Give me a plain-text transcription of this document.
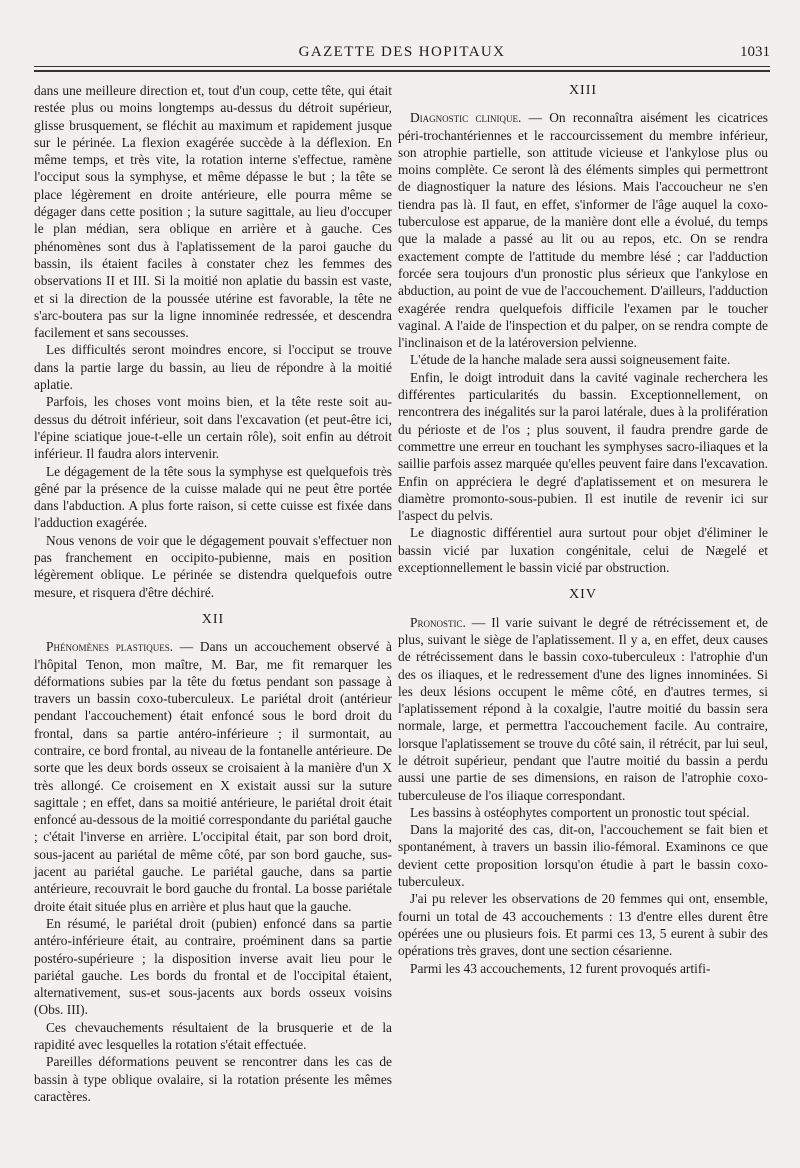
GAZETTE DES HOPITAUX	1031

dans une meilleure direction et, tout d'un coup, cette tête, qui était restée plus ou moins longtemps au-dessus du détroit supérieur, glisse brusquement, se fléchit au maximum et rapidement jusque sur le périnée. La flexion exagérée succède à la déflexion. En même temps, et très vite, la rotation interne s'effectue, ramène l'occiput sous la symphyse, et même dépasse le but ; la tête se place légèrement en droite antérieure, elle pourra même se dégager dans cette position ; la suture sagittale, au lieu d'occuper le plan médian, sera oblique en arrière et à gauche. Ces phénomènes sont dus à l'aplatissement de la paroi gauche du bassin, ils étaient faciles à constater chez les femmes des observations II et III. Si la moitié non aplatie du bassin est vaste, et si la direction de la poussée utérine est favorable, la tête ne s'arc-boutera pas sur la ligne innominée redressée, et descendra facilement et sans secousses.

Les difficultés seront moindres encore, si l'occiput se trouve dans la partie large du bassin, au lieu de répondre à la moitié aplatie.

Parfois, les choses vont moins bien, et la tête reste soit au-dessus du détroit inférieur, soit dans l'excavation (et peut-être ici, l'épine sciatique joue-t-elle un certain rôle), soit enfin au détroit inférieur. Il faudra alors intervenir.

Le dégagement de la tête sous la symphyse est quelquefois très gêné par la présence de la cuisse malade qui ne peut être portée dans l'abduction. A plus forte raison, si cette cuisse est fixée dans l'adduction exagérée.

Nous venons de voir que le dégagement pouvait s'effectuer non pas franchement en occipito-pubienne, mais en position légèrement oblique. Le périnée se distendra quelquefois outre mesure, et risquera d'être déchiré.

XII

Phénomènes plastiques. — Dans un accouchement observé à l'hôpital Tenon, mon maître, M. Bar, me fit remarquer les déformations subies par la tête du fœtus pendant son passage à travers un bassin coxo-tuberculeux. Le pariétal droit (antérieur pendant l'accouchement) était enfoncé sous le bord droit du frontal, dans sa partie antéro-inférieure ; il surmontait, au contraire, ce bord frontal, au niveau de la fontanelle antérieure. De sorte que les deux bords osseux se croisaient à la manière d'un X très allongé. Ce croisement en X existait aussi sur la suture sagittale ; en effet, dans sa moitié antérieure, le pariétal droit était enfoncé au-dessous de la moitié correspondante du pariétal gauche ; c'était l'inverse en arrière. L'occipital était, par son bord droit, sous-jacent au pariétal de même côté, par son bord gauche, sus-jacent au pariétal gauche. Le pariétal gauche, dans sa partie antérieure, recouvrait le bord gauche du frontal. La bosse pariétale droite était située plus en arrière et plus haut que la gauche.

En résumé, le pariétal droit (pubien) enfoncé dans sa partie antéro-inférieure était, au contraire, proéminent dans sa partie postéro-supérieure ; la disposition inverse avait lieu pour le pariétal gauche. Les bords du frontal et de l'occipital étaient, alternativement, sus-et sous-jacents aux bords osseux voisins (Obs. III).

Ces chevauchements résultaient de la brusquerie et de la rapidité avec lesquelles la rotation s'était effectuée.

Pareilles déformations peuvent se rencontrer dans les cas de bassin à type oblique ovalaire, si la rotation présente les mêmes caractères.

XIII

Diagnostic clinique. — On reconnaîtra aisément les cicatrices péri-trochantériennes et le raccourcissement du membre inférieur, son atrophie partielle, son attitude vicieuse et l'ankylose plus ou moins complète. Ce seront là des éléments simples qui permettront de diagnostiquer la nature des lésions. Mais l'accoucheur ne s'en tiendra pas là. Il faut, en effet, s'informer de l'âge auquel la coxo-tuberculose est apparue, de la manière dont elle a évolué, du temps que la malade a passé au lit ou au repos, etc. On se rendra exactement compte de l'attitude du membre lésé ; car l'adduction forcée sera toujours d'un pronostic plus sérieux que l'ankylose en abduction, au point de vue de l'accouchement. D'ailleurs, l'adduction exagérée rendra quelquefois difficile l'examen par le toucher vaginal. A l'aide de l'inspection et du palper, on se rendra compte de l'inclinaison et de la latéroversion pelvienne.

L'étude de la hanche malade sera aussi soigneusement faite.

Enfin, le doigt introduit dans la cavité vaginale recherchera les différentes particularités du bassin. Exceptionnellement, on rencontrera des inégalités sur la paroi latérale, dues à la prolifération du périoste et de l'os ; plus souvent, il faudra prendre garde de commettre une erreur en touchant les symphyses sacro-iliaques et la saillie parfois assez marquée qu'elles peuvent faire dans l'excavation. Enfin on appréciera le degré d'aplatissement et on mesurera le diamètre promonto-sous-pubien. Il est inutile de revenir ici sur l'aspect du pelvis.

Le diagnostic différentiel aura surtout pour objet d'éliminer le bassin vicié par luxation congénitale, celui de Nægelé et exceptionnellement le bassin vicié par obstruction.

XIV

Pronostic. — Il varie suivant le degré de rétrécissement et, de plus, suivant le siège de l'aplatissement. Il y a, en effet, deux causes de rétrécissement dans le bassin coxo-tuberculeux : l'atrophie d'un des os iliaques, et le redressement d'une des lignes innominées. Si les deux lésions occupent le même côté, en d'autres termes, si l'aplatissement répond à la coxalgie, l'autre moitié du bassin sera normale, large, et permettra l'accouchement facile. Au contraire, lorsque l'aplatissement se trouve du côté sain, il rétrécit, par lui seul, le détroit supérieur, pendant que l'autre moitié du bassin a perdu aussi une partie de ses dimensions, en raison de l'atrophie coxo-tuberculeuse de l'os iliaque correspondant.

Les bassins à ostéophytes comportent un pronostic tout spécial.

Dans la majorité des cas, dit-on, l'accouchement se fait bien et spontanément, à travers un bassin ilio-fémoral. Examinons ce que devient cette proposition lorsqu'on étudie à part le bassin coxo-tuberculeux.

J'ai pu relever les observations de 20 femmes qui ont, ensemble, fourni un total de 43 accouchements : 13 d'entre elles durent être opérées une ou plusieurs fois. Et parmi ces 13, 5 eurent à subir des opérations très graves, dont une section césarienne.

Parmi les 43 accouchements, 12 furent provoqués artifi-
